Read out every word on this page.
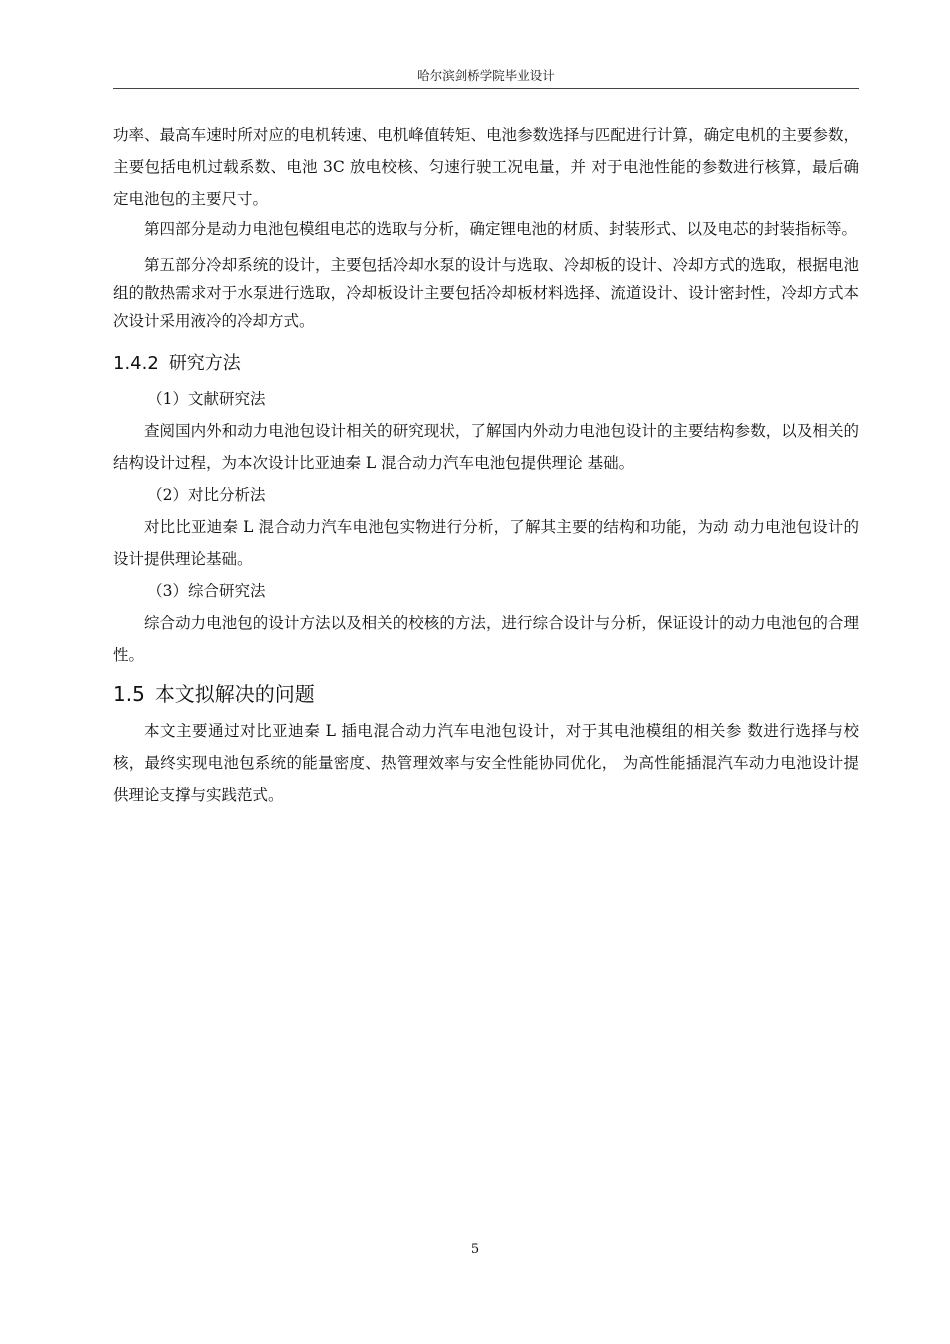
哈尔滨剑桥学院毕业设计

功率、最高车速时所对应的电机转速、电机峰值转矩、电池参数选择与匹配进行计算，确定电机的主要参数，主要包括电机过载系数、电池 3C 放电校核、匀速行驶工况电量，并 对于电池性能的参数进行核算，最后确定电池包的主要尺寸。

第四部分是动力电池包模组电芯的选取与分析，确定锂电池的材质、封装形式、以及电芯的封装指标等。

第五部分冷却系统的设计，主要包括冷却水泵的设计与选取、冷却板的设计、冷却方式的选取，根据电池组的散热需求对于水泵进行选取，冷却板设计主要包括冷却板材料选择、流道设计、设计密封性，冷却方式本次设计采用液冷的冷却方式。

1.4.2 研究方法

（1）文献研究法

查阅国内外和动力电池包设计相关的研究现状，了解国内外动力电池包设计的主要结构参数，以及相关的结构设计过程，为本次设计比亚迪秦 L 混合动力汽车电池包提供理论 基础。

（2）对比分析法

对比比亚迪秦 L 混合动力汽车电池包实物进行分析，了解其主要的结构和功能，为动 动力电池包设计的设计提供理论基础。

（3）综合研究法

综合动力电池包的设计方法以及相关的校核的方法，进行综合设计与分析，保证设计的动力电池包的合理性。

1.5 本文拟解决的问题

本文主要通过对比亚迪秦 L 插电混合动力汽车电池包设计，对于其电池模组的相关参 数进行选择与校核，最终实现电池包系统的能量密度、热管理效率与安全性能协同优化， 为高性能插混汽车动力电池设计提供理论支撑与实践范式。

5
